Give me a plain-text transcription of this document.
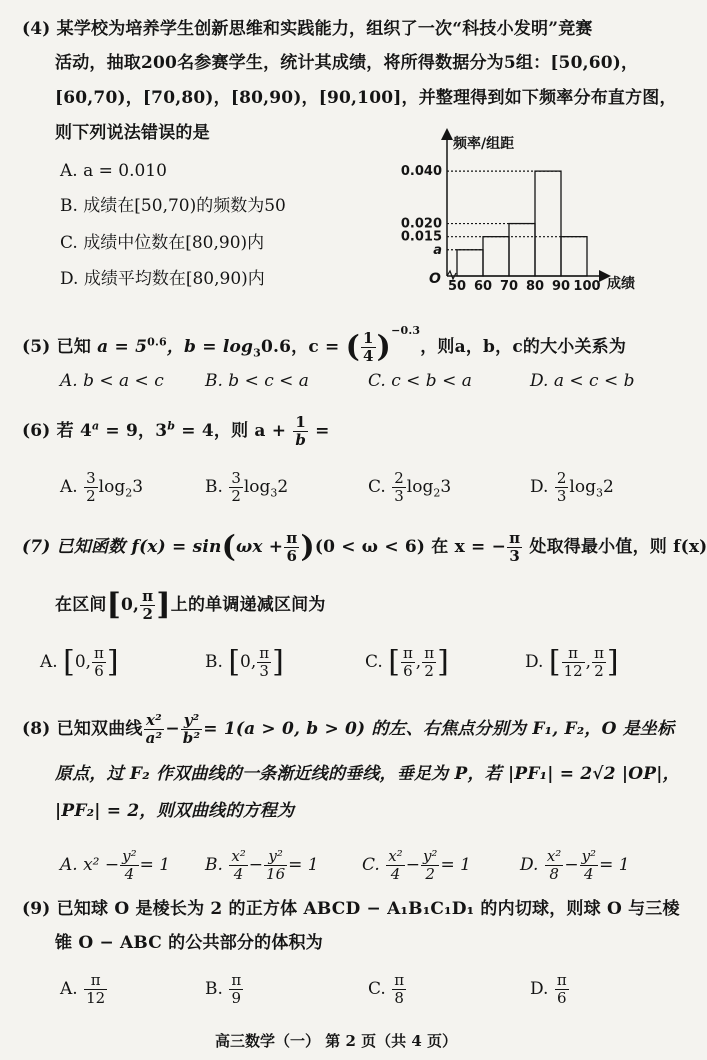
(4) 某学校为培养学生创新思维和实践能力，组织了一次“科技小发明”竞赛
活动，抽取200名参赛学生，统计其成绩，将所得数据分为5组：[50,60)，
[60,70)，[70,80)，[80,90)，[90,100]，并整理得到如下频率分布直方图，
则下列说法错误的是
A. a = 0.010
B. 成绩在[50,70)的频数为50
C. 成绩中位数在[80,90)内
D. 成绩平均数在[80,90)内
频率/组距
成绩
O
0.040
0.020
0.015
a
50 60 70 80 90 100
(5) 已知 $a = 5^{0.6}$，$b = \log_30.6$，c = ( $\frac{1}{4} )^{-0.3}$，则a，b，c的大小关系为
A. b < a < c B. b < c < a	C. c < b < a	D. a < c < b
(6) 若 $4^a = 9$，$3^b = 4$，则 $a + \frac{1}{b}$ =
A. $\frac{3}{2} \log_23$	B. $\frac{3}{2} \log_32$	C. $\frac{2}{3} \log_23$	D. $\frac{2}{3} \log_32$
(7) 已知函数 $f(x) = \sin(\omega x + \frac{\pi}{6} )(0 < \omega < 6)$ 在 x = − $\frac{\pi}{3}$ 处取得最小值，则 f(x)
在区间[0, $\frac{\pi}{2}$ ]上的单调递减区间为
A. [0, $\frac{\pi}{6}$ ]	B. [0, $\frac{\pi}{3}$ ]	C. [ $\frac{\pi}{6}$ , $\frac{\pi}{2}$ ]	D. [ $\frac{\pi}{12}$ , $\frac{\pi}{2}$ ]
(8) 已知双曲线 $\frac{\text{x²}}{\text{a²}} - \frac{\text{y²}}{\text{b²}} = 1(a > 0$, b > 0) 的左、右焦点分别为 F₁, F₂，O 是坐标
原点，过 F₂ 作双曲线的一条渐近线的垂线，垂足为 P，若 |PF₁| = 2√2 |OP|，
|PF₂| = 2，则双曲线的方程为
A. $x^2 - \frac{\text{y²}}{4} = 1$ B. $\frac{\text{x²}}{4} - \frac{\text{y²}}{16} = 1$	C. $\frac{\text{x²}}{4} - \frac{\text{y²}}{2} = 1$	D. $\frac{\text{x²}}{8} - \frac{\text{y²}}{4} = 1$
(9) 已知球 O 是棱长为 2 的正方体 ABCD − A₁B₁C₁D₁ 的内切球，则球 O 与三棱
锥 O − ABC 的公共部分的体积为
A. $\frac{\pi}{12}$	B. $\frac{\pi}{9}$	C. $\frac{\pi}{8}$	D. $\frac{\pi}{6}$
高三数学（一） 第 2 页（共 4 页）
